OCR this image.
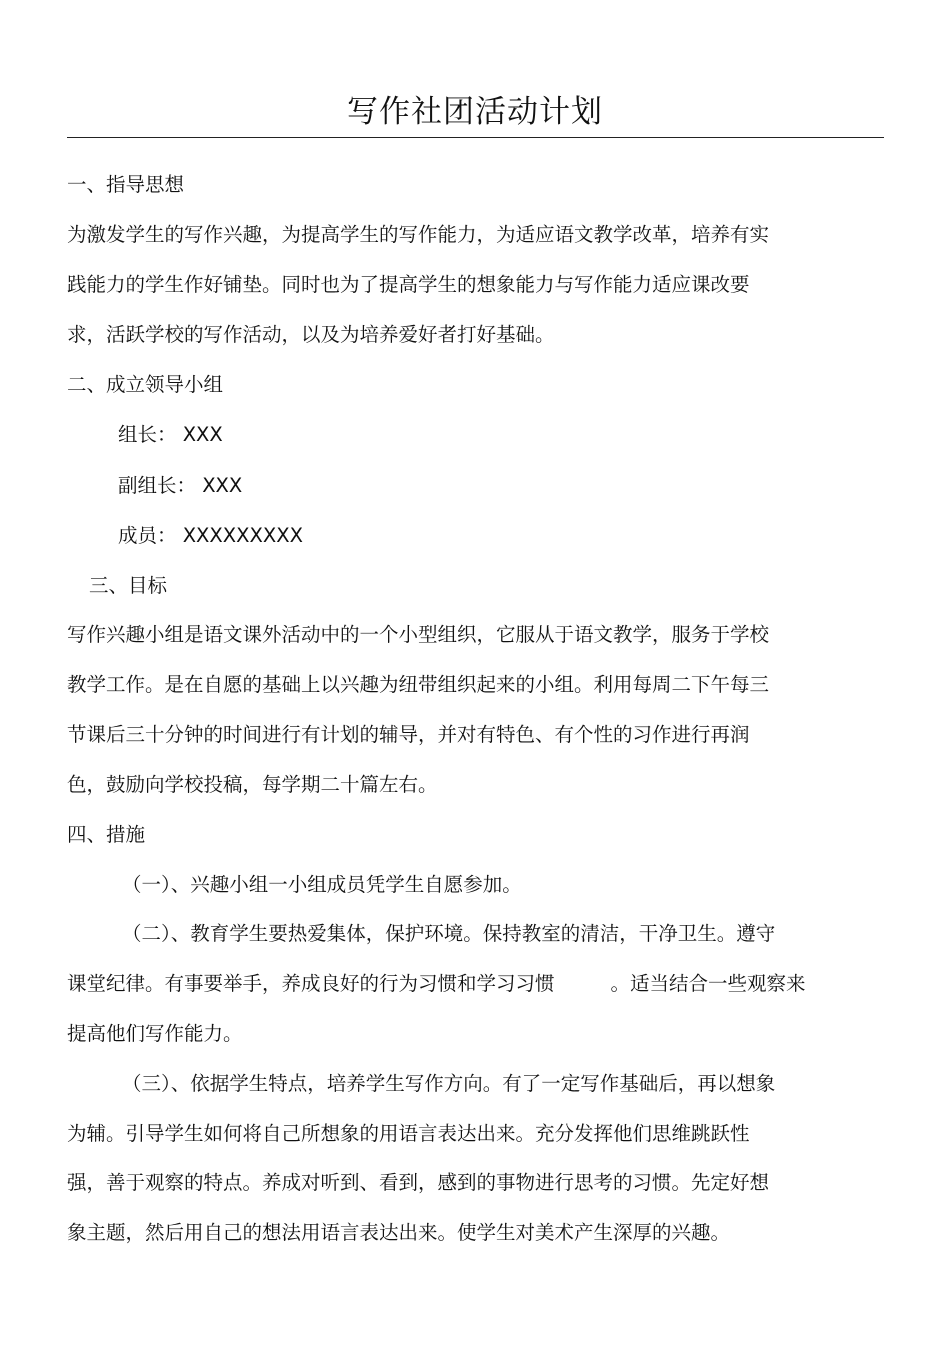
写作社团活动计划
一、指导思想
为激发学生的写作兴趣，为提高学生的写作能力，为适应语文教学改革，培养有实
践能力的学生作好铺垫。同时也为了提高学生的想象能力与写作能力适应课改要
求，活跃学校的写作活动，以及为培养爱好者打好基础。
二、成立领导小组
组长： XXX
副组长： XXX
成员： XXXXXXXXX
三、目标
写作兴趣小组是语文课外活动中的一个小型组织，它服从于语文教学，服务于学校
教学工作。是在自愿的基础上以兴趣为纽带组织起来的小组。利用每周二下午每三
节课后三十分钟的时间进行有计划的辅导，并对有特色、有个性的习作进行再润
色，鼓励向学校投稿，每学期二十篇左右。
四、措施
（一）、兴趣小组一小组成员凭学生自愿参加。
（二）、教育学生要热爱集体，保护环境。保持教室的清洁，干净卫生。遵守
课堂纪律。有事要举手，养成良好的行为习惯和学习习惯	。适当结合一些观察来
提高他们写作能力。
（三）、依据学生特点，培养学生写作方向。有了一定写作基础后，再以想象
为辅。引导学生如何将自己所想象的用语言表达出来。充分发挥他们思维跳跃性
强，善于观察的特点。养成对听到、看到，感到的事物进行思考的习惯。先定好想
象主题，然后用自己的想法用语言表达出来。使学生对美术产生深厚的兴趣。
